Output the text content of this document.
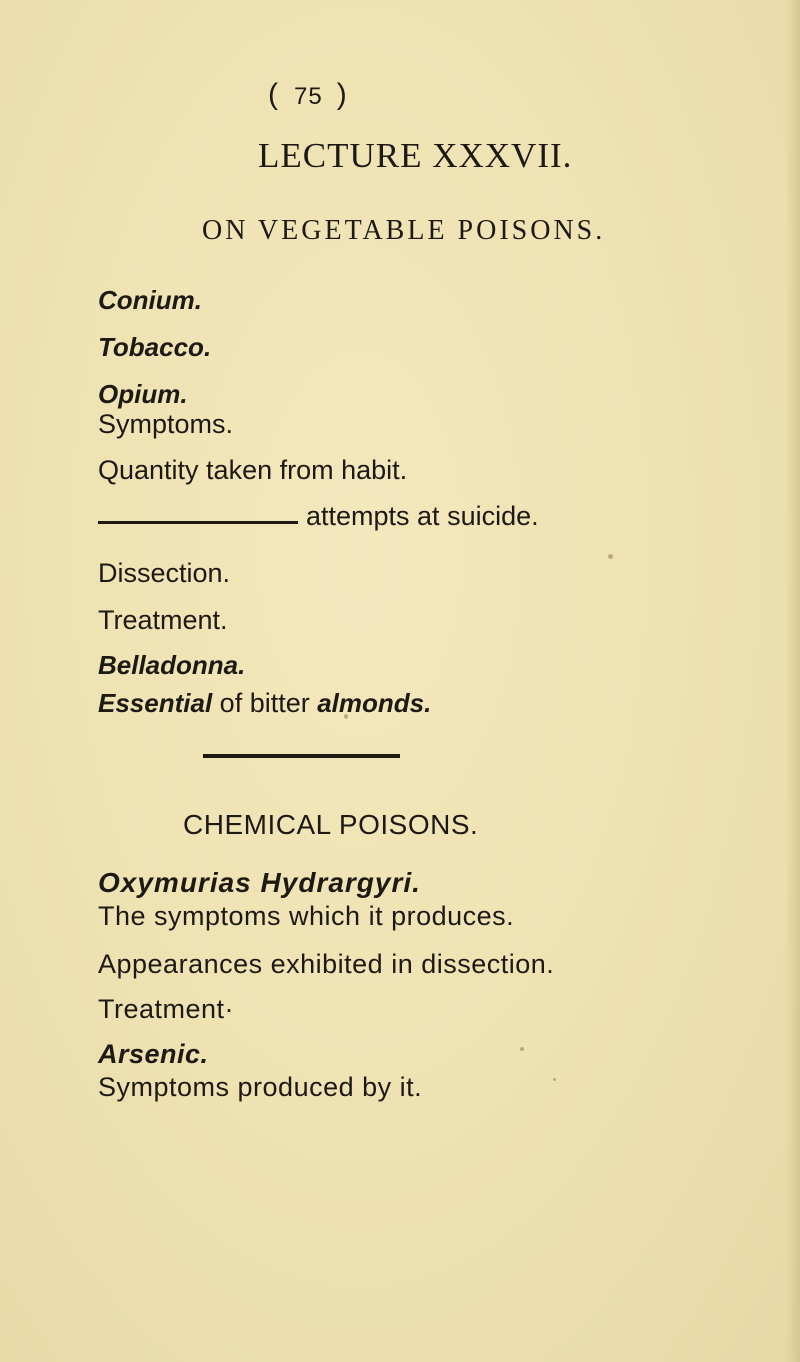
( 75 )
LECTURE XXXVII.
ON VEGETABLE POISONS.
Conium.
Tobacco.
Opium.
Symptoms.
Quantity taken from habit.
attempts at suicide.
Dissection.
Treatment.
Belladonna.
Essential of bitter almonds.
CHEMICAL POISONS.
Oxymurias Hydrargyri.
The symptoms which it produces.
Appearances exhibited in dissection.
Treatment·
Arsenic.
Symptoms produced by it.
